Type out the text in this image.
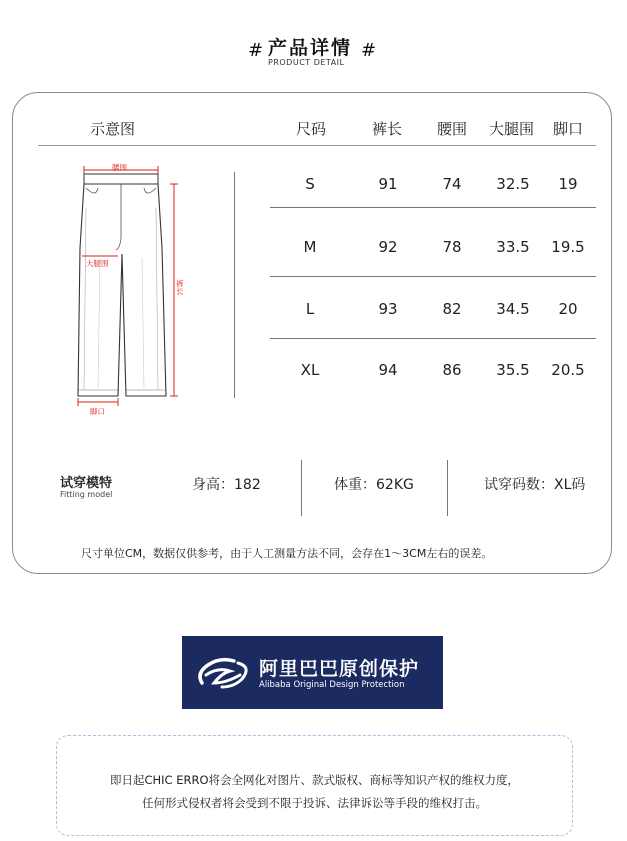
# 产品详情 #
PRODUCT DETAIL
示意图	尺码	裤长 腰围 大腿围 脚口
S	91	74	32.5	19
M	92	78	33.5	19.5
L	93	82	34.5	20
XL	94	86	35.5	20.5
腰围
大腿围
裤长
脚口
试穿模特
Fitting model
身高：182	体重：62KG	试穿码数：XL码
尺寸单位CM，数据仅供参考，由于人工测量方法不同，会存在1～3CM左右的误差。
阿里巴巴原创保护
Alibaba Original Design Protection
即日起CHIC ERRO将会全网化对图片、款式版权、商标等知识产权的维权力度，
任何形式侵权者将会受到不限于投诉、法律诉讼等手段的维权打击。
